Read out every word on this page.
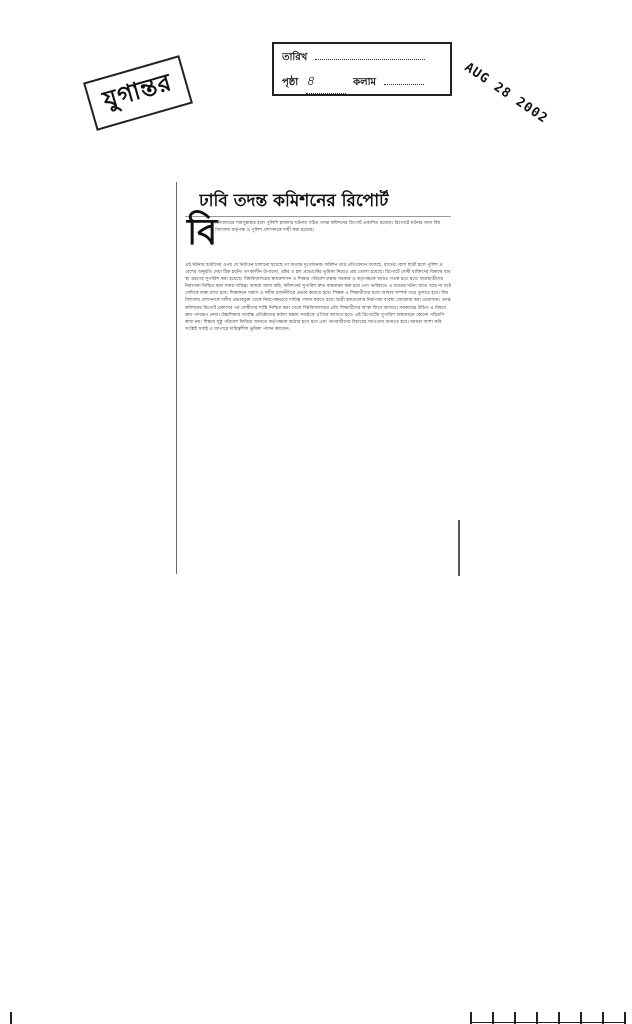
যুগান্তর
তারিখ
পৃষ্ঠা ৪	কলাম	AUG 28 2002
ঢাবি তদন্ত কমিশনের রিপোর্ট
বি
শ্বিদ্যালয়ের শামসুন্নাহার হলে পুলিশি হামলার ঘটনায় গঠিত তদন্ত কমিশনের রিপোর্ট প্রকাশিত হয়েছে। রিপোর্টে ঘটনার জন্য বিশ্ববিদ্যালয় কর্তৃপক্ষ ও পুলিশ প্রশাসনকে দায়ী করা হয়েছে।
এই ঘটনায় ছাত্রীদের ওপর যে নির্যাতন চালানো হয়েছে তা অত্যন্ত দুঃখজনক। কমিশন তার প্রতিবেদনে বলেছে, রাতের বেলা ছাত্রী হলে পুলিশ প্রবেশের অনুমতি দেয়া ঠিক হয়নি। তৎকালীন উপাচার্য, প্রক্টর ও হল প্রভোস্টের ভূমিকা নিয়েও প্রশ্ন তোলা হয়েছে। রিপোর্টে দোষী ব্যক্তিদের বিরুদ্ধে ব্যবস্থা গ্রহণের সুপারিশ করা হয়েছে। বিশ্ববিদ্যালয়ের স্বায়ত্তশাসন ও শিক্ষার পরিবেশ রক্ষায় সরকার ও কর্তৃপক্ষকে আরও সতর্ক হতে হবে। ছাত্রছাত্রীদের নিরাপত্তা নিশ্চিত করা সবার দায়িত্ব। আমরা আশা করি, কমিশনের সুপারিশ দ্রুত বাস্তবায়ন করা হবে এবং ভবিষ্যতে এ ধরনের ঘটনা যাতে আর না ঘটে সেদিকে লক্ষ্য রাখা হবে। শিক্ষাঙ্গনে সন্ত্রাস ও দলীয় রাজনীতির প্রভাব কমাতে হবে। শিক্ষক ও শিক্ষার্থীদের মধ্যে আস্থার সম্পর্ক গড়ে তুলতে হবে। বিশ্ববিদ্যালয় প্রশাসনকে দলীয় প্রভাবমুক্ত থেকে নিরপেক্ষভাবে দায়িত্ব পালন করতে হবে। ছাত্রী হলগুলোর নিরাপত্তা ব্যবস্থা জোরদার করা প্রয়োজন। তদন্ত কমিশনের রিপোর্ট প্রকাশের পর দোষীদের শাস্তি নিশ্চিত করা গেলে বিশ্ববিদ্যালয়ের প্রতি শিক্ষার্থীদের আস্থা ফিরে আসবে। সরকারের উচিত এ বিষয়ে দ্রুত পদক্ষেপ নেয়া। উচ্চশিক্ষার সর্বোচ্চ প্রতিষ্ঠানের মর্যাদা রক্ষায় সবাইকে এগিয়ে আসতে হবে। এই রিপোর্টের সুপারিশ বাস্তবায়নে কোনো গড়িমসি কাম্য নয়। শিক্ষার সুষ্ঠু পরিবেশ ফিরিয়ে আনতে কর্তৃপক্ষকে কঠোর হতে হবে এবং অপরাধীদের বিচারের আওতায় আনতে হবে। আমরা আশা করি সংশ্লিষ্ট সবাই এ ব্যাপারে দায়িত্বশীল ভূমিকা পালন করবেন।
